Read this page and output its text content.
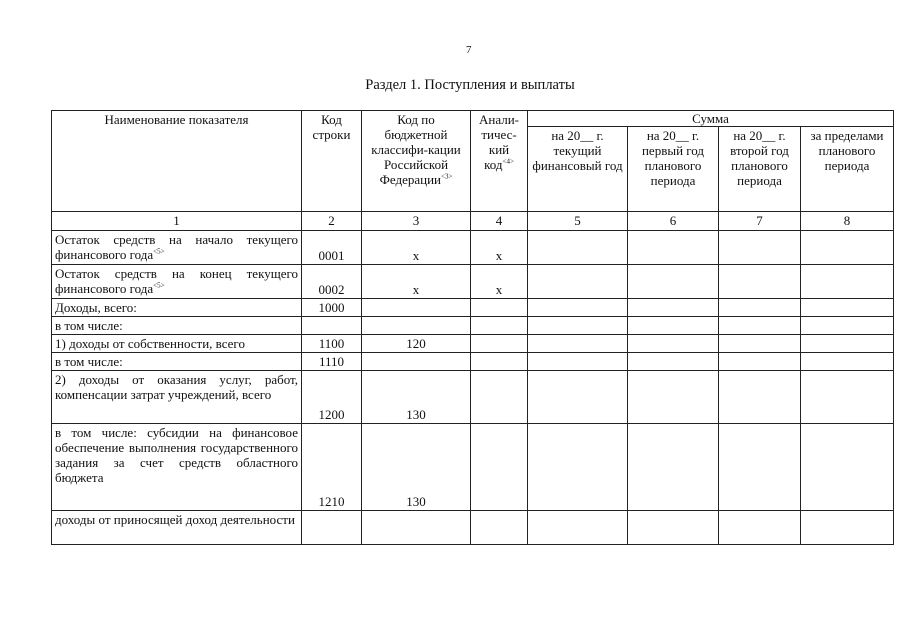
7
Раздел 1. Поступления и выплаты
Наименование показателя	Код строки	Код по бюджетной классифи-кации Российской Федерации$^{<3>}$	Анали-тичес-кий код$^{<4>}$	Сумма			
				на 20__ г. текущий финансовый год	на 20__ г. первый год планового периода	на 20__ г. второй год планового периода	за пределами планового периода
1	2	3	4	5	6	7	8
Остаток средств на начало текущего финансового года$^{<5>}$	0001	х	х				
Остаток средств на конец текущего финансового года$^{<5>}$	0002	х	х				
Доходы, всего:	1000						
в том числе:							
1) доходы от собственности, всего	1100	120					
в том числе:	1110						
2) доходы от оказания услуг, работ, компенсации затрат учреждений, всего	1200	130					
в том числе: субсидии на финансовое обеспечение выполнения государственного задания за счет средств областного бюджета	1210	130					
доходы от приносящей доход деятельности							
